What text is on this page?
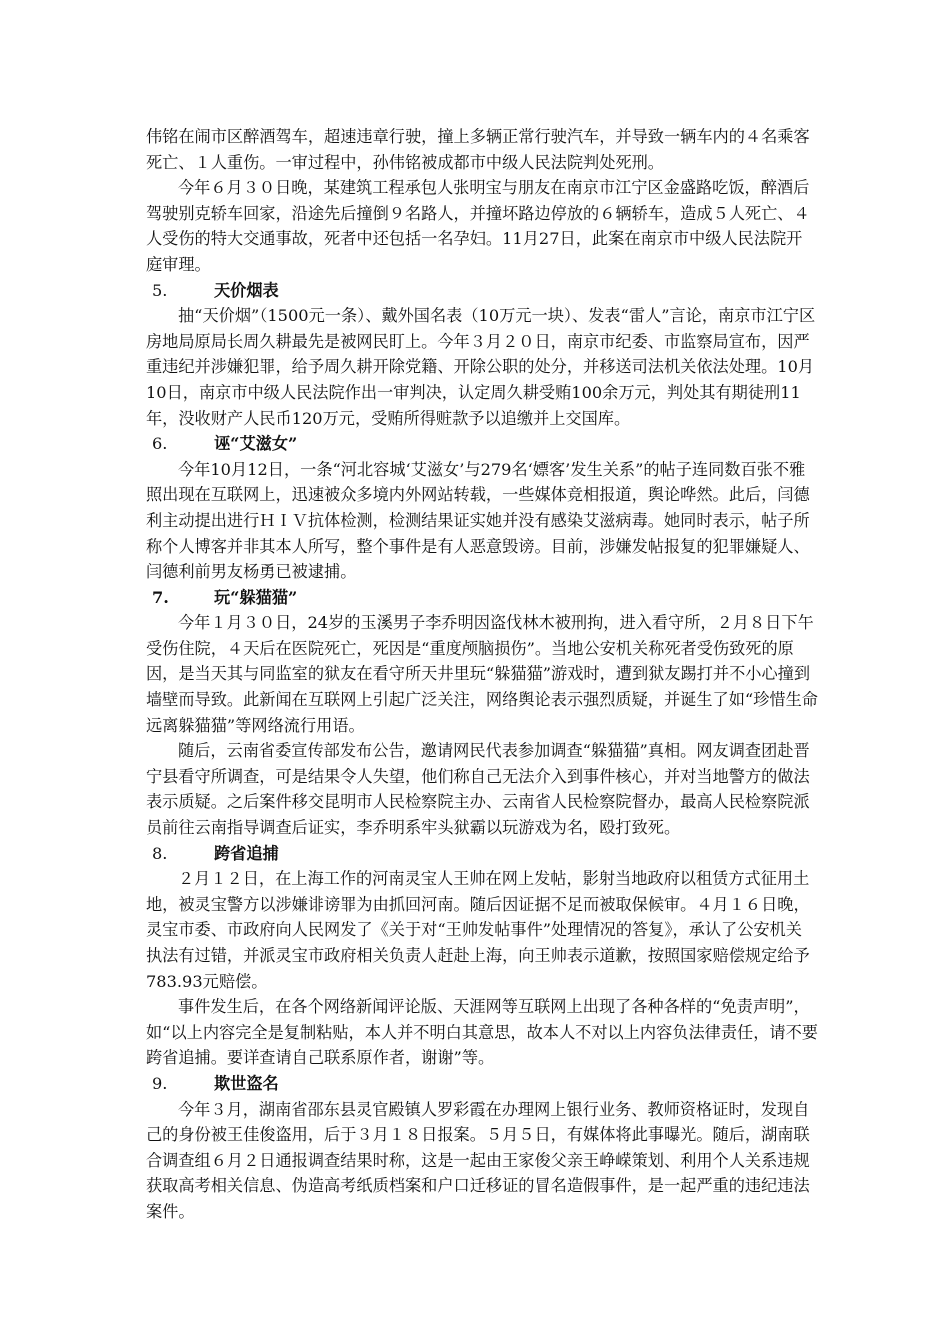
伟铭在闹市区醉酒驾车，超速违章行驶，撞上多辆正常行驶汽车，并导致一辆车内的４名乘客死亡、１人重伤。一审过程中，孙伟铭被成都市中级人民法院判处死刑。

今年６月３０日晚，某建筑工程承包人张明宝与朋友在南京市江宁区金盛路吃饭，醉酒后驾驶别克轿车回家，沿途先后撞倒９名路人，并撞坏路边停放的６辆轿车，造成５人死亡、４人受伤的特大交通事故，死者中还包括一名孕妇。11月27日，此案在南京市中级人民法院开庭审理。

5.	天价烟表

抽“天价烟”（1500元一条）、戴外国名表（10万元一块）、发表“雷人”言论，南京市江宁区房地局原局长周久耕最先是被网民盯上。今年３月２０日，南京市纪委、市监察局宣布，因严重违纪并涉嫌犯罪，给予周久耕开除党籍、开除公职的处分，并移送司法机关依法处理。10月10日，南京市中级人民法院作出一审判决，认定周久耕受贿100余万元，判处其有期徒刑11年，没收财产人民币120万元，受贿所得赃款予以追缴并上交国库。

6.	诬“艾滋女”

今年10月12日，一条“河北容城‘艾滋女’与279名‘嫖客’发生关系”的帖子连同数百张不雅照出现在互联网上，迅速被众多境内外网站转载，一些媒体竞相报道，舆论哗然。此后，闫德利主动提出进行ＨＩＶ抗体检测，检测结果证实她并没有感染艾滋病毒。她同时表示，帖子所称个人博客并非其本人所写，整个事件是有人恶意毁谤。目前，涉嫌发帖报复的犯罪嫌疑人、闫德利前男友杨勇已被逮捕。

7.	玩“躲猫猫”

今年１月３０日，24岁的玉溪男子李乔明因盗伐林木被刑拘，进入看守所，２月８日下午受伤住院，４天后在医院死亡，死因是“重度颅脑损伤”。当地公安机关称死者受伤致死的原因，是当天其与同监室的狱友在看守所天井里玩“躲猫猫”游戏时，遭到狱友踢打并不小心撞到墙壁而导致。此新闻在互联网上引起广泛关注，网络舆论表示强烈质疑，并诞生了如“珍惜生命远离躲猫猫”等网络流行用语。

随后，云南省委宣传部发布公告，邀请网民代表参加调查“躲猫猫”真相。网友调查团赴晋宁县看守所调查，可是结果令人失望，他们称自己无法介入到事件核心，并对当地警方的做法表示质疑。之后案件移交昆明市人民检察院主办、云南省人民检察院督办，最高人民检察院派员前往云南指导调查后证实，李乔明系牢头狱霸以玩游戏为名，殴打致死。

8.	跨省追捕

２月１２日，在上海工作的河南灵宝人王帅在网上发帖，影射当地政府以租赁方式征用土地，被灵宝警方以涉嫌诽谤罪为由抓回河南。随后因证据不足而被取保候审。４月１６日晚，灵宝市委、市政府向人民网发了《关于对“王帅发帖事件”处理情况的答复》，承认了公安机关执法有过错，并派灵宝市政府相关负责人赶赴上海，向王帅表示道歉，按照国家赔偿规定给予783.93元赔偿。

事件发生后，在各个网络新闻评论版、天涯网等互联网上出现了各种各样的“免责声明”，如“以上内容完全是复制粘贴，本人并不明白其意思，故本人不对以上内容负法律责任，请不要跨省追捕。要详查请自己联系原作者，谢谢”等。

9.	欺世盗名

今年３月，湖南省邵东县灵官殿镇人罗彩霞在办理网上银行业务、教师资格证时，发现自己的身份被王佳俊盗用，后于３月１８日报案。５月５日，有媒体将此事曝光。随后，湖南联合调查组６月２日通报调查结果时称，这是一起由王家俊父亲王峥嵘策划、利用个人关系违规获取高考相关信息、伪造高考纸质档案和户口迁移证的冒名造假事件，是一起严重的违纪违法案件。
